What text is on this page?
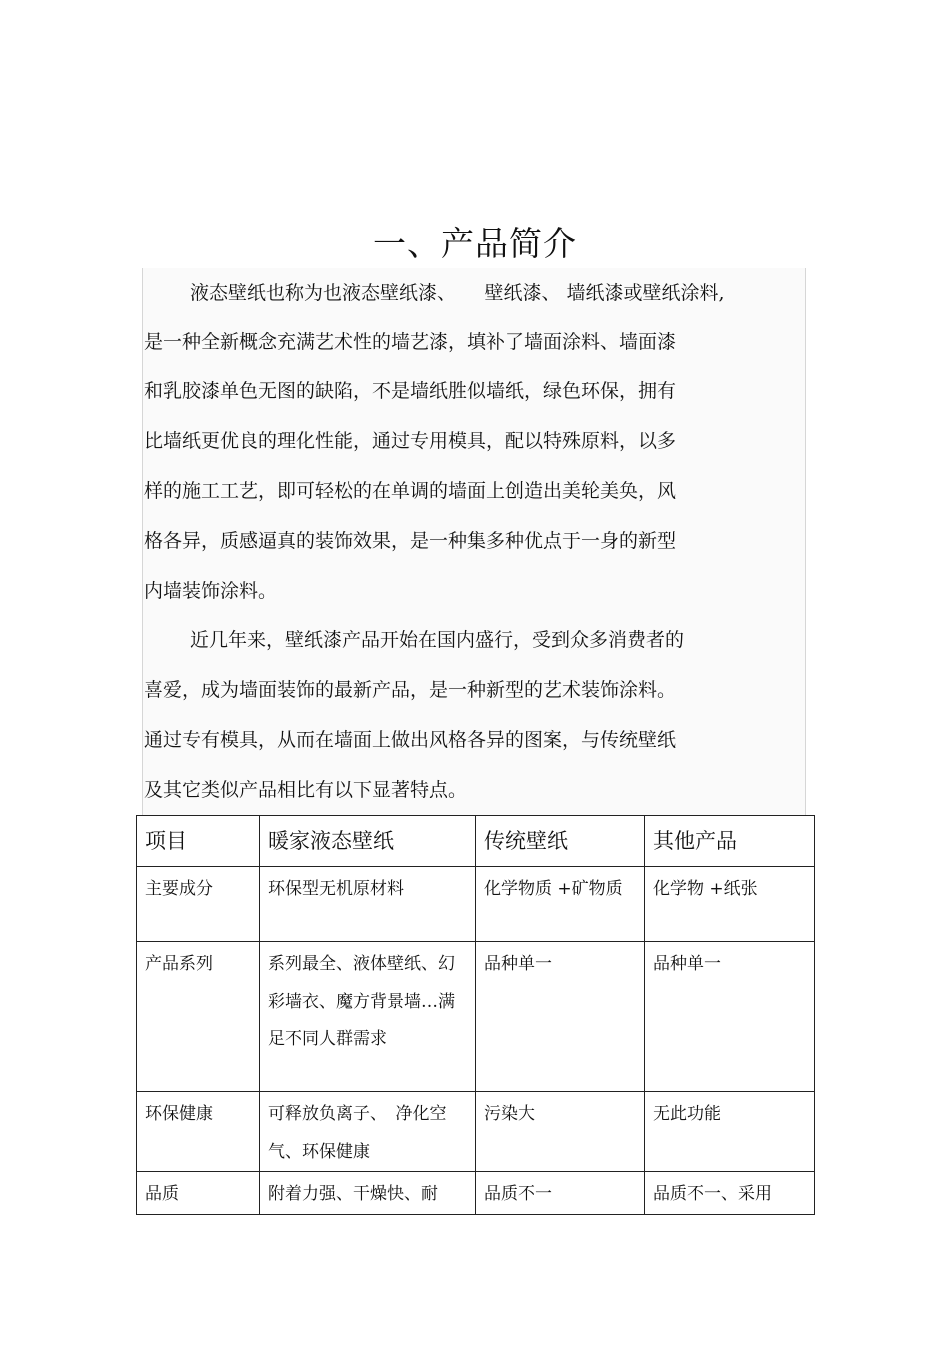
一、产品简介
液态壁纸也称为也液态壁纸漆、　　壁纸漆、 墙纸漆或壁纸涂料,
是一种全新概念充满艺术性的墙艺漆，填补了墙面涂料、墙面漆
和乳胶漆单色无图的缺陷，不是墙纸胜似墙纸，绿色环保，拥有
比墙纸更优良的理化性能，通过专用模具，配以特殊原料，以多
样的施工工艺，即可轻松的在单调的墙面上创造出美轮美奂，风
格各异，质感逼真的装饰效果，是一种集多种优点于一身的新型
内墙装饰涂料。
近几年来，壁纸漆产品开始在国内盛行，受到众多消费者的
喜爱，成为墙面装饰的最新产品，是一种新型的艺术装饰涂料。
通过专有模具，从而在墙面上做出风格各异的图案，与传统壁纸
及其它类似产品相比有以下显著特点。
项目	暖家液态壁纸	传统壁纸	其他产品
主要成分	环保型无机原材料	化学物质 +矿物质	化学物 +纸张
产品系列	系列最全、液体壁纸、幻彩墙衣、魔方背景墙…满足不同人群需求	品种单一	品种单一
环保健康	可释放负离子、　净化空气、环保健康	污染大	无此功能
品质	附着力强、干燥快、耐	品质不一	品质不一、采用
